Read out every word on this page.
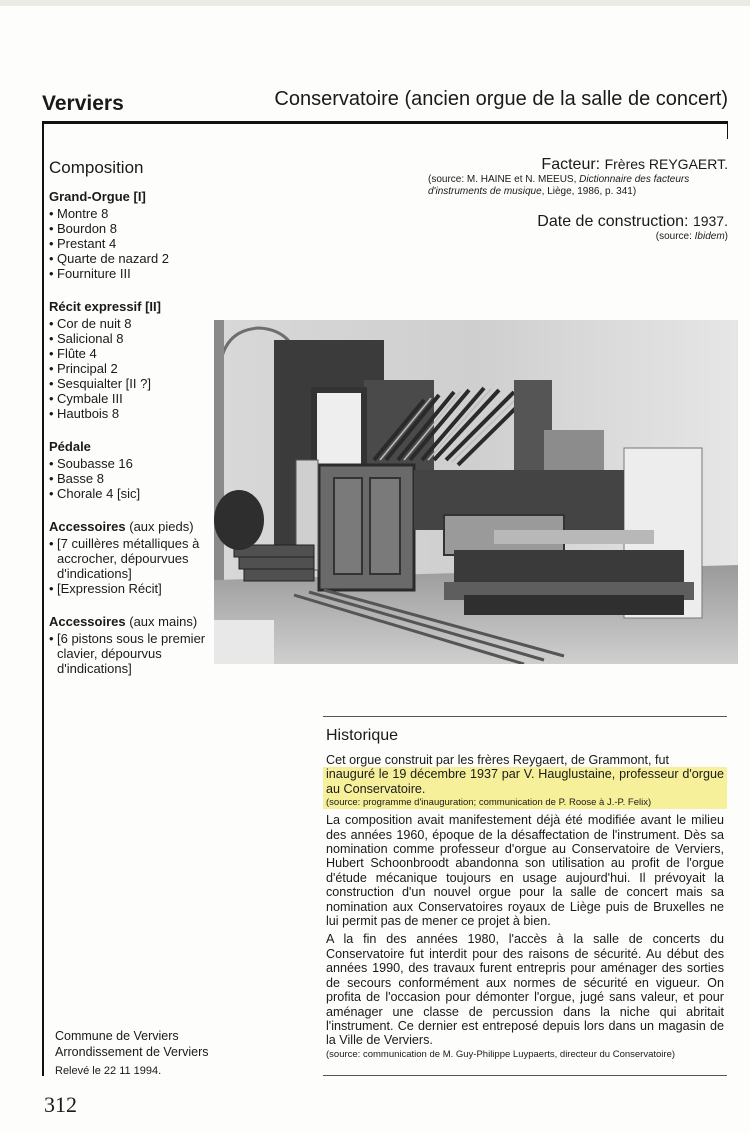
Verviers	Conservatoire (ancien orgue de la salle de concert)
Composition
Grand-Orgue [I]
• Montre 8
• Bourdon 8
• Prestant 4
• Quarte de nazard 2
• Fourniture III
Récit expressif [II]
• Cor de nuit 8
• Salicional 8
• Flûte 4
• Principal 2
• Sesquialter [II ?]
• Cymbale III
• Hautbois 8
Pédale
• Soubasse 16
• Basse 8
• Chorale 4 [sic]
Accessoires (aux pieds)
• [7 cuillères métalliques à accrocher, dépourvues d'indications]
• [Expression Récit]
Accessoires (aux mains)
• [6 pistons sous le premier clavier, dépourvus d'indications]
Facteur: Frères REYGAERT.
(source: M. HAINE et N. MEEUS, Dictionnaire des facteurs d'instruments de musique, Liège, 1986, p. 341)
Date de construction: 1937.
(source: Ibidem)
Historique

Cet orgue construit par les frères Reygaert, de Grammont, fut
inauguré le 19 décembre 1937 par V. Hauglustaine, professeur d'orgue au Conservatoire.
(source: programme d'inauguration; communication de P. Roose à J.-P. Felix)

La composition avait manifestement déjà été modifiée avant le milieu des années 1960, époque de la désaffectation de l'instrument. Dès sa nomination comme professeur d'orgue au Conservatoire de Verviers, Hubert Schoonbroodt abandonna son utilisation au profit de l'orgue d'étude mécanique toujours en usage aujourd'hui. Il prévoyait la construction d'un nouvel orgue pour la salle de concert mais sa nomination aux Conservatoires royaux de Liège puis de Bruxelles ne lui permit pas de mener ce projet à bien.

A la fin des années 1980, l'accès à la salle de concerts du Conservatoire fut interdit pour des raisons de sécurité. Au début des années 1990, des travaux furent entrepris pour aménager des sorties de secours conformément aux normes de sécurité en vigueur. On profita de l'occasion pour démonter l'orgue, jugé sans valeur, et pour aménager une classe de percussion dans la niche qui abritait l'instrument. Ce dernier est entreposé depuis lors dans un magasin de la Ville de Verviers.

(source: communication de M. Guy-Philippe Luypaerts, directeur du Conservatoire)
Commune de Verviers
Arrondissement de Verviers
Relevé le 22 11 1994.
312
